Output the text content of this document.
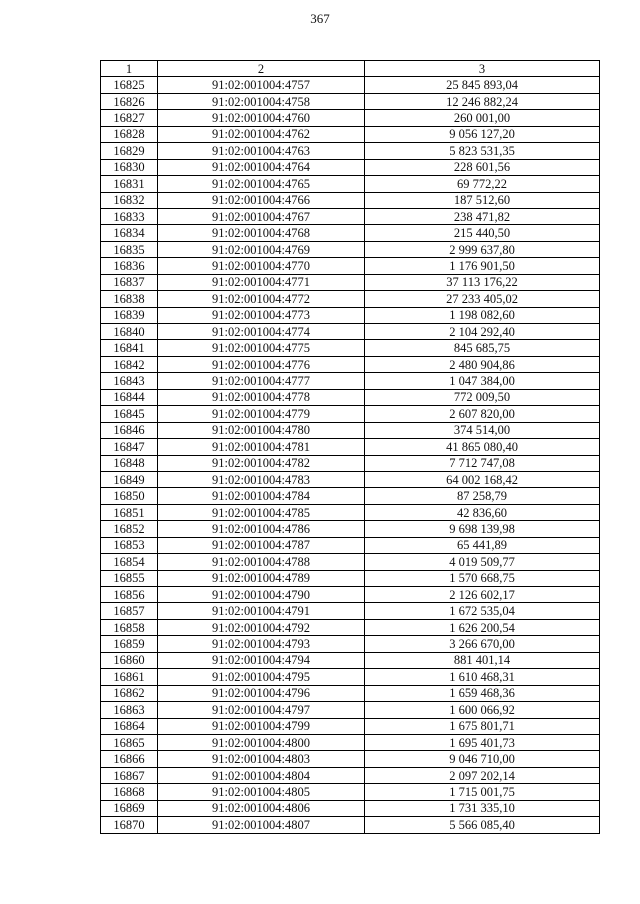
367
1	2	3
16825	91:02:001004:4757	25 845 893,04
16826	91:02:001004:4758	12 246 882,24
16827	91:02:001004:4760	260 001,00
16828	91:02:001004:4762	9 056 127,20
16829	91:02:001004:4763	5 823 531,35
16830	91:02:001004:4764	228 601,56
16831	91:02:001004:4765	69 772,22
16832	91:02:001004:4766	187 512,60
16833	91:02:001004:4767	238 471,82
16834	91:02:001004:4768	215 440,50
16835	91:02:001004:4769	2 999 637,80
16836	91:02:001004:4770	1 176 901,50
16837	91:02:001004:4771	37 113 176,22
16838	91:02:001004:4772	27 233 405,02
16839	91:02:001004:4773	1 198 082,60
16840	91:02:001004:4774	2 104 292,40
16841	91:02:001004:4775	845 685,75
16842	91:02:001004:4776	2 480 904,86
16843	91:02:001004:4777	1 047 384,00
16844	91:02:001004:4778	772 009,50
16845	91:02:001004:4779	2 607 820,00
16846	91:02:001004:4780	374 514,00
16847	91:02:001004:4781	41 865 080,40
16848	91:02:001004:4782	7 712 747,08
16849	91:02:001004:4783	64 002 168,42
16850	91:02:001004:4784	87 258,79
16851	91:02:001004:4785	42 836,60
16852	91:02:001004:4786	9 698 139,98
16853	91:02:001004:4787	65 441,89
16854	91:02:001004:4788	4 019 509,77
16855	91:02:001004:4789	1 570 668,75
16856	91:02:001004:4790	2 126 602,17
16857	91:02:001004:4791	1 672 535,04
16858	91:02:001004:4792	1 626 200,54
16859	91:02:001004:4793	3 266 670,00
16860	91:02:001004:4794	881 401,14
16861	91:02:001004:4795	1 610 468,31
16862	91:02:001004:4796	1 659 468,36
16863	91:02:001004:4797	1 600 066,92
16864	91:02:001004:4799	1 675 801,71
16865	91:02:001004:4800	1 695 401,73
16866	91:02:001004:4803	9 046 710,00
16867	91:02:001004:4804	2 097 202,14
16868	91:02:001004:4805	1 715 001,75
16869	91:02:001004:4806	1 731 335,10
16870	91:02:001004:4807	5 566 085,40
